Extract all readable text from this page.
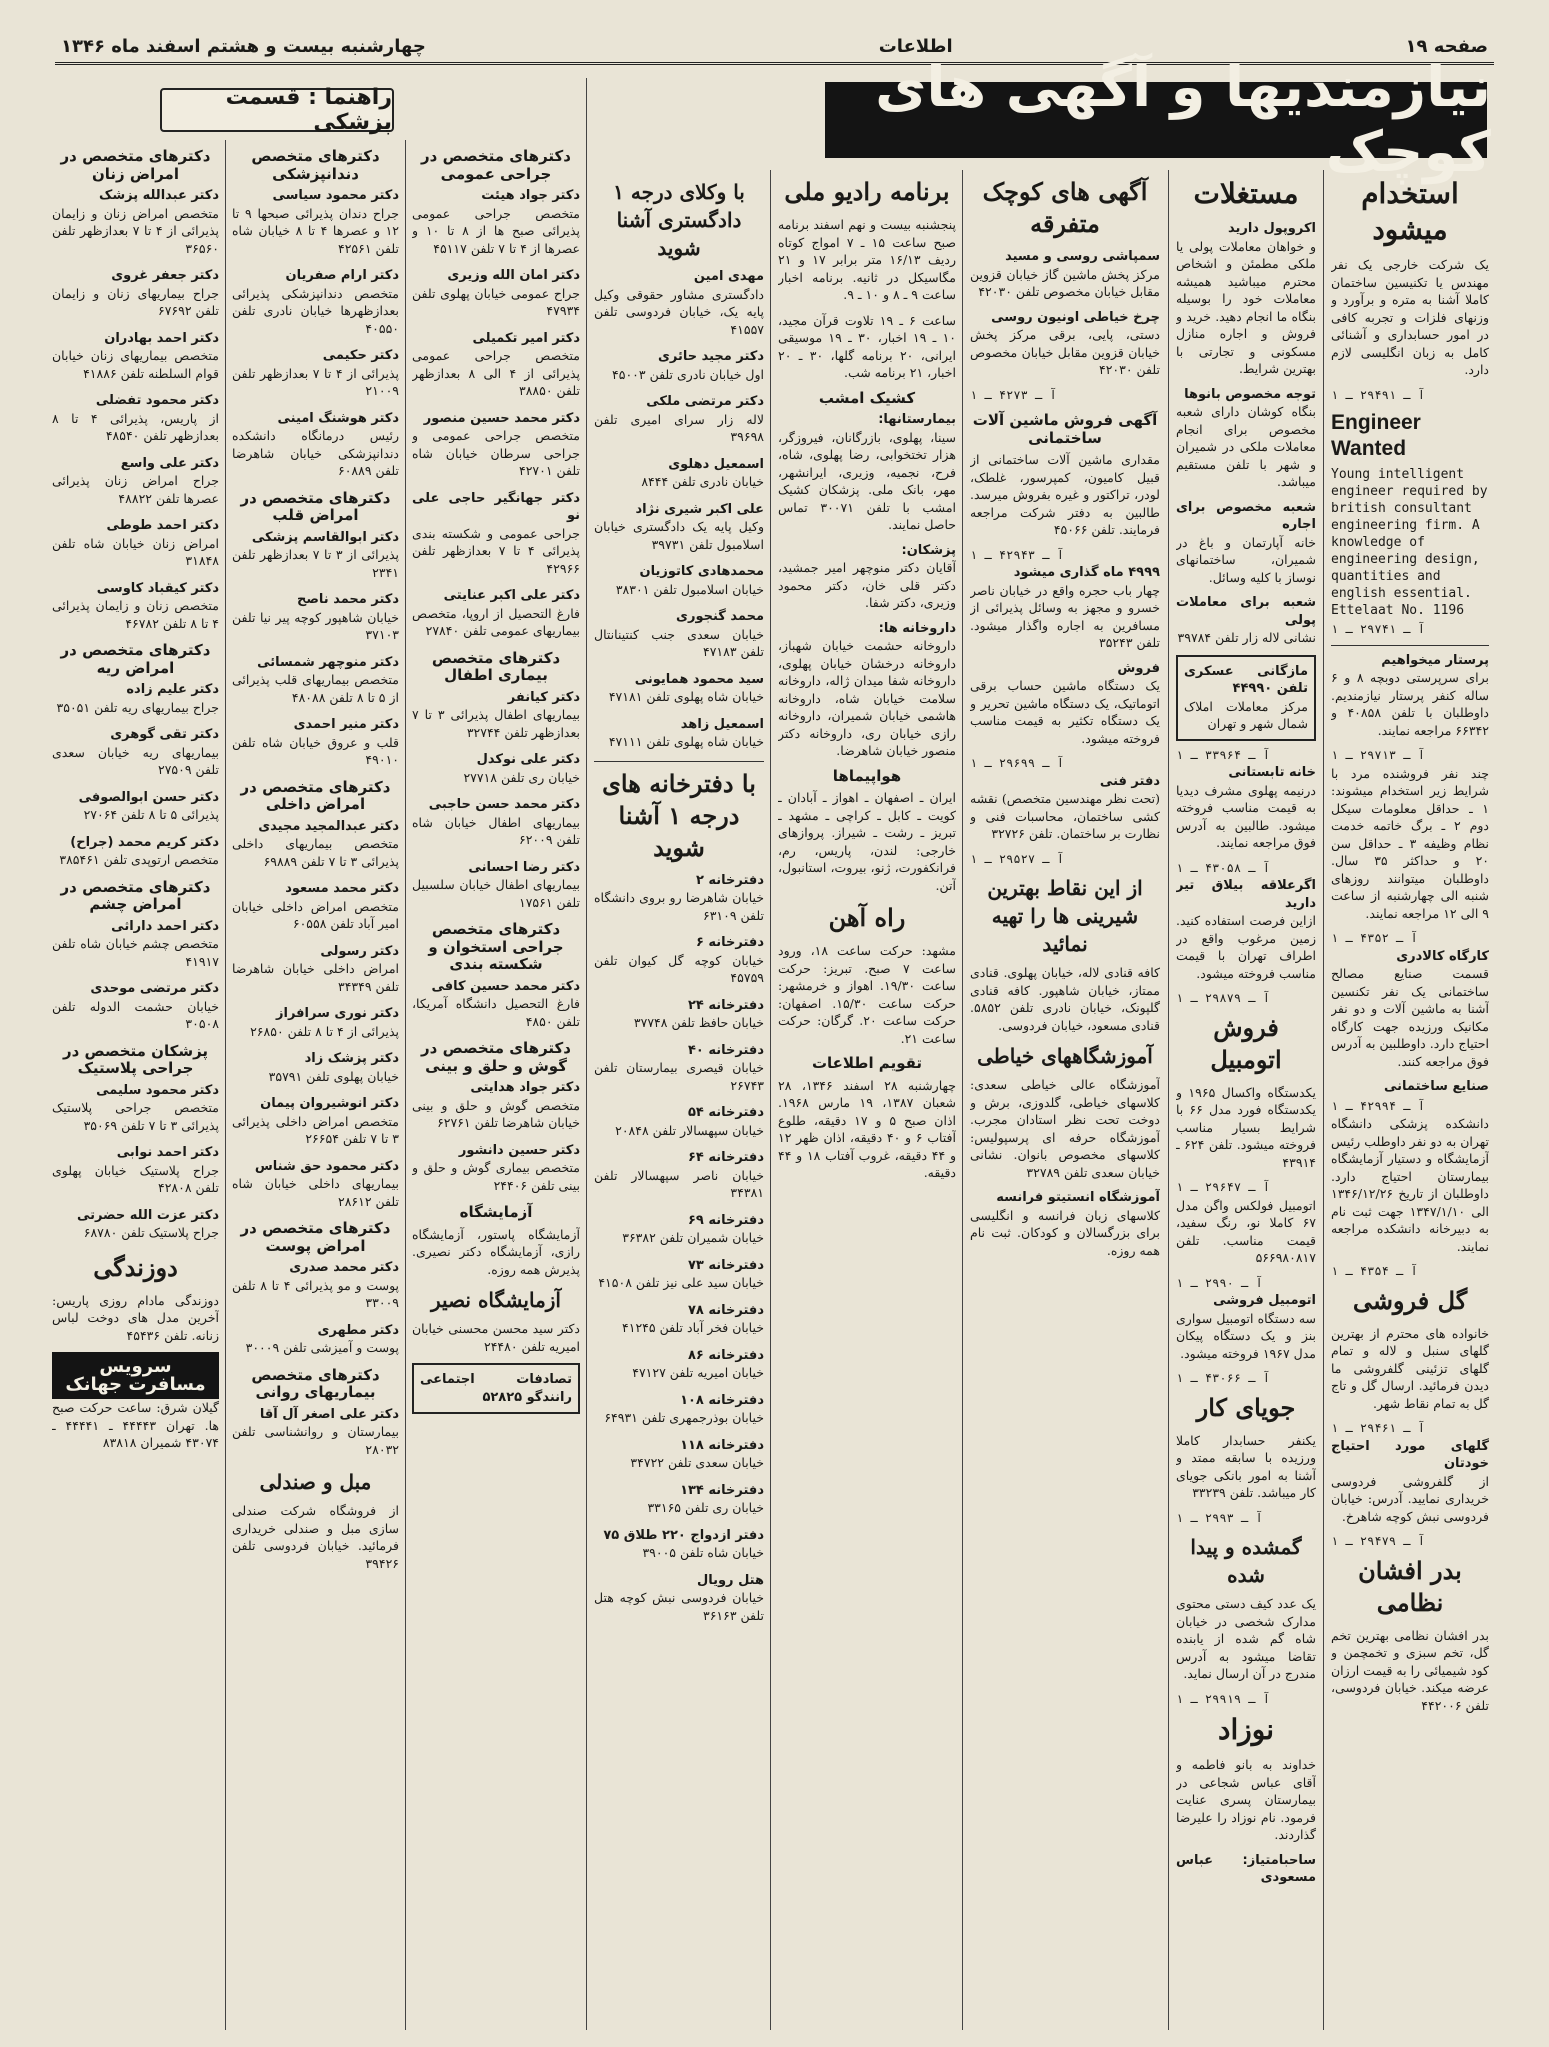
صفحه ۱۹
اطلاعات
چهارشنبه بیست و هشتم اسفند ماه ۱۳۴۶
نیازمندیها و آگهی های کوچک
راهنما : قسمت پزشکی
استخدام میشود

یک شرکت خارجی یک نفر مهندس یا تکنیسین ساختمان کاملا آشنا به متره و برآورد و وزنهای فلزات و تجربه کافی در امور حسابداری و آشنائی کامل به زبان انگلیسی لازم دارد.

آ ـ ۲۹۴۹۱ ـ ۱
Engineer Wanted
Young intelligent engineer required by british consultant engineering firm. A knowledge of engineering design, quantities and english essential. Ettelaat No. 1196
آ ـ ۲۹۷۴۱ ـ ۱
پرستار میخواهیم

برای سرپرستی دوبچه ۸ و ۶ ساله کنفر پرستار نیازمندیم. داوطلبان با تلفن ۴۰۸۵۸ و ۶۶۳۴۲ مراجعه نمایند.

آ ـ ۲۹۷۱۳ ـ ۱

چند نفر فروشنده مرد با شرایط زیر استخدام میشوند: ۱ ـ حداقل معلومات سیکل دوم ۲ ـ برگ خاتمه خدمت نظام وظیفه ۳ ـ حداقل سن ۲۰ و حداکثر ۳۵ سال. داوطلبان میتوانند روزهای شنبه الی چهارشنبه از ساعت ۹ الی ۱۲ مراجعه نمایند.

آ ـ ۴۳۵۲ ـ ۱
کارگاه کالادری

قسمت صنایع مصالح ساختمانی یک نفر تکنسین آشنا به ماشین آلات و دو نفر مکانیک ورزیده جهت کارگاه احتیاج دارد. داوطلبین به آدرس فوق مراجعه کنند.

صنایع ساختمانی
آ ـ ۴۲۹۹۴ ـ ۱

دانشکده پزشکی دانشگاه تهران به دو نفر داوطلب رئیس آزمایشگاه و دستیار آزمایشگاه بیمارستان احتیاج دارد. داوطلبان از تاریخ ۱۳۴۶/۱۲/۲۶ الی ۱۳۴۷/۱/۱۰ جهت ثبت نام به دبیرخانه دانشکده مراجعه نمایند.

آ ـ ۴۳۵۴ ـ ۱
گل فروشی

خانواده های محترم از بهترین گلهای سنبل و لاله و تمام گلهای تزئینی گلفروشی ما دیدن فرمائید. ارسال گل و تاج گل به تمام نقاط شهر.

آ ـ ۲۹۴۶۱ ـ ۱
گلهای مورد احتیاج خودتان

از گلفروشی فردوسی خریداری نمایید. آدرس: خیابان فردوسی نبش کوچه شاهرخ.

آ ـ ۲۹۴۷۹ ـ ۱
بدر افشان نظامی

بدر افشان نظامی بهترین تخم گل، تخم سبزی و تخمچمن و کود شیمیائی را به قیمت ارزان عرضه میکند. خیابان فردوسی، تلفن ۴۴۲۰۰۶

مستغلات
اکروپول دارید

و خواهان معاملات پولی یا ملکی مطمئن و اشخاص محترم میباشید همیشه معاملات خود را بوسیله بنگاه ما انجام دهید. خرید و فروش و اجاره منازل مسکونی و تجارتی با بهترین شرایط.

توجه مخصوص بانوها

بنگاه کوشان دارای شعبه مخصوص برای انجام معاملات ملکی در شمیران و شهر با تلفن مستقیم میباشد.

شعبه مخصوص برای اجاره

خانه آپارتمان و باغ در شمیران، ساختمانهای نوساز با کلیه وسائل.

شعبه برای معاملات پولی

نشانی لاله زار تلفن ۳۹۷۸۴

مازگانی عسکری تلفن ۴۴۹۹۰
مرکز معاملات املاک شمال شهر و تهران
آ ـ ۳۳۹۶۴ ـ ۱
خانه تابستانی

درنیمه پهلوی مشرف دیدیا به قیمت مناسب فروخته میشود. طالبین به آدرس فوق مراجعه نمایند.

آ ـ ۴۳۰۵۸ ـ ۱
اگرعلاقه بیلاق تیر دارید

ازاین فرصت استفاده کنید. زمین مرغوب واقع در اطراف تهران با قیمت مناسب فروخته میشود.

آ ـ ۲۹۸۷۹ ـ ۱
فروش اتومبیل

یکدستگاه واکسال ۱۹۶۵ و یکدستگاه فورد مدل ۶۶ با شرایط بسیار مناسب فروخته میشود. تلفن ۶۲۴ ـ ۴۳۹۱۴

آ ـ ۲۹۶۴۷ ـ ۱

اتومبیل فولکس واگن مدل ۶۷ کاملا نو، رنگ سفید، قیمت مناسب. تلفن ۵۶۶۹۸۰۸۱۷

آ ـ ۲۹۹۰ ـ ۱
اتومبیل فروشی

سه دستگاه اتومبیل سواری بنز و یک دستگاه پیکان مدل ۱۹۶۷ فروخته میشود.

آ ـ ۴۳۰۶۶ ـ ۱
جویای کار

یکنفر حسابدار کاملا ورزیده با سابقه ممتد و آشنا به امور بانکی جویای کار میباشد. تلفن ۳۳۲۳۹

آ ـ ۲۹۹۳ ـ ۱
گمشده و پیدا شده

یک عدد کیف دستی محتوی مدارک شخصی در خیابان شاه گم شده از یابنده تقاضا میشود به آدرس مندرج در آن ارسال نماید.

آ ـ ۲۹۹۱۹ ـ ۱
نوزاد

خداوند به بانو فاطمه و آقای عباس شجاعی در بیمارستان پسری عنایت فرمود. نام نوزاد را علیرضا گذاردند.

ساحبامتیاز: عباس مسعودی
آگهی های کوچک متفرقه
سمپاشی روسی و مسید

مرکز پخش ماشین گاز خیابان قزوین مقابل خیابان مخصوص تلفن ۴۲۰۳۰

چرخ خیاطی اونیون روسی

دستی، پایی، برقی مرکز پخش خیابان قزوین مقابل خیابان مخصوص تلفن ۴۲۰۳۰

آ ـ ۴۲۷۳ ـ ۱
آگهی فروش ماشین آلات ساختمانی

مقداری ماشین آلات ساختمانی از قبیل کامیون، کمپرسور، غلطک، لودر، تراکتور و غیره بفروش میرسد. طالبین به دفتر شرکت مراجعه فرمایند. تلفن ۴۵۰۶۶

آ ـ ۴۲۹۴۳ ـ ۱
۴۹۹۹ ماه گذاری میشود

چهار باب حجره واقع در خیابان ناصر خسرو و مجهز به وسائل پذیرائی از مسافرین به اجاره واگذار میشود. تلفن ۳۵۲۴۳

فروش

یک دستگاه ماشین حساب برقی اتوماتیک، یک دستگاه ماشین تحریر و یک دستگاه تکثیر به قیمت مناسب فروخته میشود.

آ ـ ۲۹۶۹۹ ـ ۱
دفتر فنی

(تحت نظر مهندسین متخصص) نقشه کشی ساختمان، محاسبات فنی و نظارت بر ساختمان. تلفن ۳۲۷۲۶

آ ـ ۲۹۵۲۷ ـ ۱
از این نقاط بهترین شیرینی ها را تهیه نمائید

کافه قنادی لاله، خیابان پهلوی. قنادی ممتاز، خیابان شاهپور. کافه قنادی گلپونک، خیابان نادری تلفن ۵۸۵۲. قنادی مسعود، خیابان فردوسی.

آموزشگاههای خیاطی

آموزشگاه عالی خیاطی سعدی: کلاسهای خیاطی، گلدوزی، برش و دوخت تحت نظر استادان مجرب. آموزشگاه حرفه ای پرسپولیس: کلاسهای مخصوص بانوان. نشانی خیابان سعدی تلفن ۳۲۷۸۹

آموزشگاه انستیتو فرانسه

کلاسهای زبان فرانسه و انگلیسی برای بزرگسالان و کودکان. ثبت نام همه روزه.

برنامه رادیو ملی

پنجشنبه بیست و نهم اسفند برنامه صبح ساعت ۱۵ ـ ۷ امواج کوتاه ردیف ۱۶/۱۳ متر برابر ۱۷ و ۲۱ مگاسیکل در ثانیه. برنامه اخبار ساعت ۹ ـ ۸ و ۱۰ ـ ۹.

ساعت ۶ ـ ۱۹ تلاوت قرآن مجید، ۱۰ ـ ۱۹ اخبار، ۳۰ ـ ۱۹ موسیقی ایرانی، ۲۰ برنامه گلها، ۳۰ ـ ۲۰ اخبار، ۲۱ برنامه شب.

کشیک امشب
بیمارستانها:

سینا، پهلوی، بازرگانان، فیروزگر، هزار تختخوابی، رضا پهلوی، شاه، فرح، نجمیه، وزیری، ایرانشهر، مهر، بانک ملی. پزشکان کشیک امشب با تلفن ۳۰۰۷۱ تماس حاصل نمایند.

پزشکان:

آقایان دکتر منوچهر امیر جمشید، دکتر قلی خان، دکتر محمود وزیری، دکتر شفا.

داروخانه ها:

داروخانه حشمت خیابان شهباز، داروخانه درخشان خیابان پهلوی، داروخانه شفا میدان ژاله، داروخانه سلامت خیابان شاه، داروخانه هاشمی خیابان شمیران، داروخانه رازی خیابان ری، داروخانه دکتر منصور خیابان شاهرضا.

هواپیماها

ایران ـ اصفهان ـ اهواز ـ آبادان ـ کویت ـ کابل ـ کراچی ـ مشهد ـ تبریز ـ رشت ـ شیراز. پروازهای خارجی: لندن، پاریس، رم، فرانکفورت، ژنو، بیروت، استانبول، آتن.

راه آهن

مشهد: حرکت ساعت ۱۸، ورود ساعت ۷ صبح. تبریز: حرکت ساعت ۱۹/۳۰. اهواز و خرمشهر: حرکت ساعت ۱۵/۳۰. اصفهان: حرکت ساعت ۲۰. گرگان: حرکت ساعت ۲۱.

تقویم اطلاعات

چهارشنبه ۲۸ اسفند ۱۳۴۶، ۲۸ شعبان ۱۳۸۷، ۱۹ مارس ۱۹۶۸. اذان صبح ۵ و ۱۷ دقیقه، طلوع آفتاب ۶ و ۴۰ دقیقه، اذان ظهر ۱۲ و ۴۴ دقیقه، غروب آفتاب ۱۸ و ۴۴ دقیقه.

با وکلای درجه ۱ دادگستری آشنا شوید
مهدی امین
دادگستری مشاور حقوقی وکیل پایه یک، خیابان فردوسی تلفن ۴۱۵۵۷
دکتر مجید حائری
اول خیابان نادری تلفن ۴۵۰۰۳
دکتر مرتضی ملکی
لاله زار سرای امیری تلفن ۳۹۶۹۸
اسمعیل دهلوی
خیابان نادری تلفن ۸۴۴۴
علی اکبر شیری نژاد
وکیل پایه یک دادگستری خیابان اسلامبول تلفن ۳۹۷۳۱
محمدهادی کاتوزیان
خیابان اسلامبول تلفن ۳۸۳۰۱
محمد گنجوری
خیابان سعدی جنب کنتینانتال تلفن ۴۷۱۸۳
سید محمود همایونی
خیابان شاه پهلوی تلفن ۴۷۱۸۱
اسمعیل زاهد
خیابان شاه پهلوی تلفن ۴۷۱۱۱
با دفترخانه های درجه ۱ آشنا شوید
دفترخانه ۲
خیابان شاهرضا رو بروی دانشگاه تلفن ۶۳۱۰۹
دفترخانه ۶
خیابان کوچه گل کیوان تلفن ۴۵۷۵۹
دفترخانه ۲۴
خیابان حافظ تلفن ۳۷۷۴۸
دفترخانه ۴۰
خیابان قیصری بیمارستان تلفن ۲۶۷۴۳
دفترخانه ۵۴
خیابان سپهسالار تلفن ۲۰۸۴۸
دفترخانه ۶۴
خیابان ناصر سپهسالار تلفن ۳۴۳۸۱
دفترخانه ۶۹
خیابان شمیران تلفن ۳۶۳۸۲
دفترخانه ۷۳
خیابان سید علی نیز تلفن ۴۱۵۰۸
دفترخانه ۷۸
خیابان فخر آباد تلفن ۴۱۲۴۵
دفترخانه ۸۶
خیابان امیریه تلفن ۴۷۱۲۷
دفترخانه ۱۰۸
خیابان بوذرجمهری تلفن ۶۴۹۳۱
دفترخانه ۱۱۸
خیابان سعدی تلفن ۳۴۷۲۲
دفترخانه ۱۳۴
خیابان ری تلفن ۳۳۱۶۵
دفتر ازدواج ۲۲۰ طلاق ۷۵
خیابان شاه تلفن ۳۹۰۰۵
هتل رویال
خیابان فردوسی نبش کوچه هتل تلفن ۳۶۱۶۳
دکترهای متخصص در جراحی عمومی
دکتر جواد هیئت
متخصص جراحی عمومی پذیرائی صبح ها از ۸ تا ۱۰ و عصرها از ۴ تا ۷ تلفن ۴۵۱۱۷
دکتر امان الله وزیری
جراح عمومی خیابان پهلوی تلفن ۴۷۹۳۴
دکتر امیر تکمیلی
متخصص جراحی عمومی پذیرائی از ۴ الی ۸ بعدازظهر تلفن ۳۸۸۵۰
دکتر محمد حسین منصور
متخصص جراحی عمومی و جراحی سرطان خیابان شاه تلفن ۴۲۷۰۱
دکتر جهانگیر حاجی علی نو
جراحی عمومی و شکسته بندی پذیرائی ۴ تا ۷ بعدازظهر تلفن ۴۲۹۶۶
دکتر علی اکبر عنایتی
فارغ التحصیل از اروپا، متخصص بیماریهای عمومی تلفن ۲۷۸۴۰
دکترهای متخصص بیماری اطفال
دکتر کیانفر
بیماریهای اطفال پذیرائی ۳ تا ۷ بعدازظهر تلفن ۳۲۷۴۴
دکتر علی نوکدل
خیابان ری تلفن ۲۷۷۱۸
دکتر محمد حسن حاجبی
بیماریهای اطفال خیابان شاه تلفن ۶۲۰۰۹
دکتر رضا احسانی
بیماریهای اطفال خیابان سلسبیل تلفن ۱۷۵۶۱
دکترهای متخصص جراحی استخوان و شکسته بندی
دکتر محمد حسین کافی
فارغ التحصیل دانشگاه آمریکا، تلفن ۴۸۵۰
دکترهای متخصص در گوش و حلق و بینی
دکتر جواد هدایتی
متخصص گوش و حلق و بینی خیابان شاهرضا تلفن ۶۲۷۶۱
دکتر حسین دانشور
متخصص بیماری گوش و حلق و بینی تلفن ۲۴۴۰۶
آزمایشگاه

آزمایشگاه پاستور، آزمایشگاه رازی، آزمایشگاه دکتر نصیری. پذیرش همه روزه.

آزمایشگاه نصیر

دکتر سید محسن محسنی خیابان امیریه تلفن ۲۴۴۸۰

تصادفات اجتماعی رانندگو ۵۲۸۲۵
دکترهای متخصص دندانپزشکی
دکتر محمود سیاسی
جراح دندان پذیرائی صبحها ۹ تا ۱۲ و عصرها ۴ تا ۸ خیابان شاه تلفن ۴۲۵۶۱
دکتر ارام صفریان
متخصص دندانپزشکی پذیرائی بعدازظهرها خیابان نادری تلفن ۴۰۵۵۰
دکتر حکیمی
پذیرائی از ۴ تا ۷ بعدازظهر تلفن ۲۱۰۰۹
دکتر هوشنگ امینی
رئیس درمانگاه دانشکده دندانپزشکی خیابان شاهرضا تلفن ۶۰۸۸۹
دکترهای متخصص در امراض قلب
دکتر ابوالقاسم پزشکی
پذیرائی از ۳ تا ۷ بعدازظهر تلفن ۲۳۴۱
دکتر محمد ناصح
خیابان شاهپور کوچه پیر نیا تلفن ۳۷۱۰۳
دکتر منوچهر شمسائی
متخصص بیماریهای قلب پذیرائی از ۵ تا ۸ تلفن ۴۸۰۸۸
دکتر منیر احمدی
قلب و عروق خیابان شاه تلفن ۴۹۰۱۰
دکترهای متخصص در امراض داخلی
دکتر عبدالمجید مجیدی
متخصص بیماریهای داخلی پذیرائی ۳ تا ۷ تلفن ۶۹۸۸۹
دکتر محمد مسعود
متخصص امراض داخلی خیابان امیر آباد تلفن ۶۰۵۵۸
دکتر رسولی
امراض داخلی خیابان شاهرضا تلفن ۳۴۳۴۹
دکتر نوری سرافراز
پذیرائی از ۴ تا ۸ تلفن ۲۶۸۵۰
دکتر پزشک زاد
خیابان پهلوی تلفن ۳۵۷۹۱
دکتر انوشیروان پیمان
متخصص امراض داخلی پذیرائی ۳ تا ۷ تلفن ۲۶۶۵۴
دکتر محمود حق شناس
بیماریهای داخلی خیابان شاه تلفن ۲۸۶۱۲
دکترهای متخصص در امراض پوست
دکتر محمد صدری
پوست و مو پذیرائی ۴ تا ۸ تلفن ۳۳۰۰۹
دکتر مطهری
پوست و آمیزشی تلفن ۳۰۰۰۹
دکترهای متخصص بیماریهای روانی
دکتر علی اصغر آل آقا
بیمارستان و روانشناسی تلفن ۲۸۰۳۲
مبل و صندلی

از فروشگاه شرکت صندلی سازی مبل و صندلی خریداری فرمائید. خیابان فردوسی تلفن ۳۹۴۲۶

دکترهای متخصص در امراض زنان
دکتر عبدالله پزشک
متخصص امراض زنان و زایمان پذیرائی از ۴ تا ۷ بعدازظهر تلفن ۳۶۵۶۰
دکتر جعفر غروی
جراح بیماریهای زنان و زایمان تلفن ۶۷۶۹۲
دکتر احمد بهادران
متخصص بیماریهای زنان خیابان قوام السلطنه تلفن ۴۱۸۸۶
دکتر محمود تفضلی
از پاریس، پذیرائی ۴ تا ۸ بعدازظهر تلفن ۴۸۵۴۰
دکتر علی واسع
جراح امراض زنان پذیرائی عصرها تلفن ۴۸۸۲۲
دکتر احمد طوطی
امراض زنان خیابان شاه تلفن ۳۱۸۴۸
دکتر کیقباد کاوسی
متخصص زنان و زایمان پذیرائی ۴ تا ۸ تلفن ۴۶۷۸۲
دکترهای متخصص در امراض ریه
دکتر علیم زاده
جراح بیماریهای ریه تلفن ۳۵۰۵۱
دکتر تقی گوهری
بیماریهای ریه خیابان سعدی تلفن ۲۷۵۰۹
دکتر حسن ابوالصوفی
پذیرائی ۵ تا ۸ تلفن ۲۷۰۶۴
دکتر کریم محمد (جراح)
متخصص ارتوپدی تلفن ۳۸۵۴۶۱
دکترهای متخصص در امراض چشم
دکتر احمد داراثی
متخصص چشم خیابان شاه تلفن ۴۱۹۱۷
دکتر مرتضی موحدی
خیابان حشمت الدوله تلفن ۳۰۵۰۸
پزشکان متخصص در جراحی پلاستیک
دکتر محمود سلیمی
متخصص جراحی پلاستیک پذیرائی ۳ تا ۷ تلفن ۳۵۰۶۹
دکتر احمد نوابی
جراح پلاستیک خیابان پهلوی تلفن ۴۲۸۰۸
دکتر عزت الله حضرتی
جراح پلاستیک تلفن ۶۸۷۸۰
دوزندگی

دوزندگی مادام روزی پاریس: آخرین مدل های دوخت لباس زنانه. تلفن ۴۵۴۳۶

سرویس مسافرت جهانک

گیلان شرق: ساعت حرکت صبح ها. تهران ۴۴۴۴۳ ـ ۴۴۴۴۱ ـ ۴۳۰۷۴ شمیران ۸۳۸۱۸
